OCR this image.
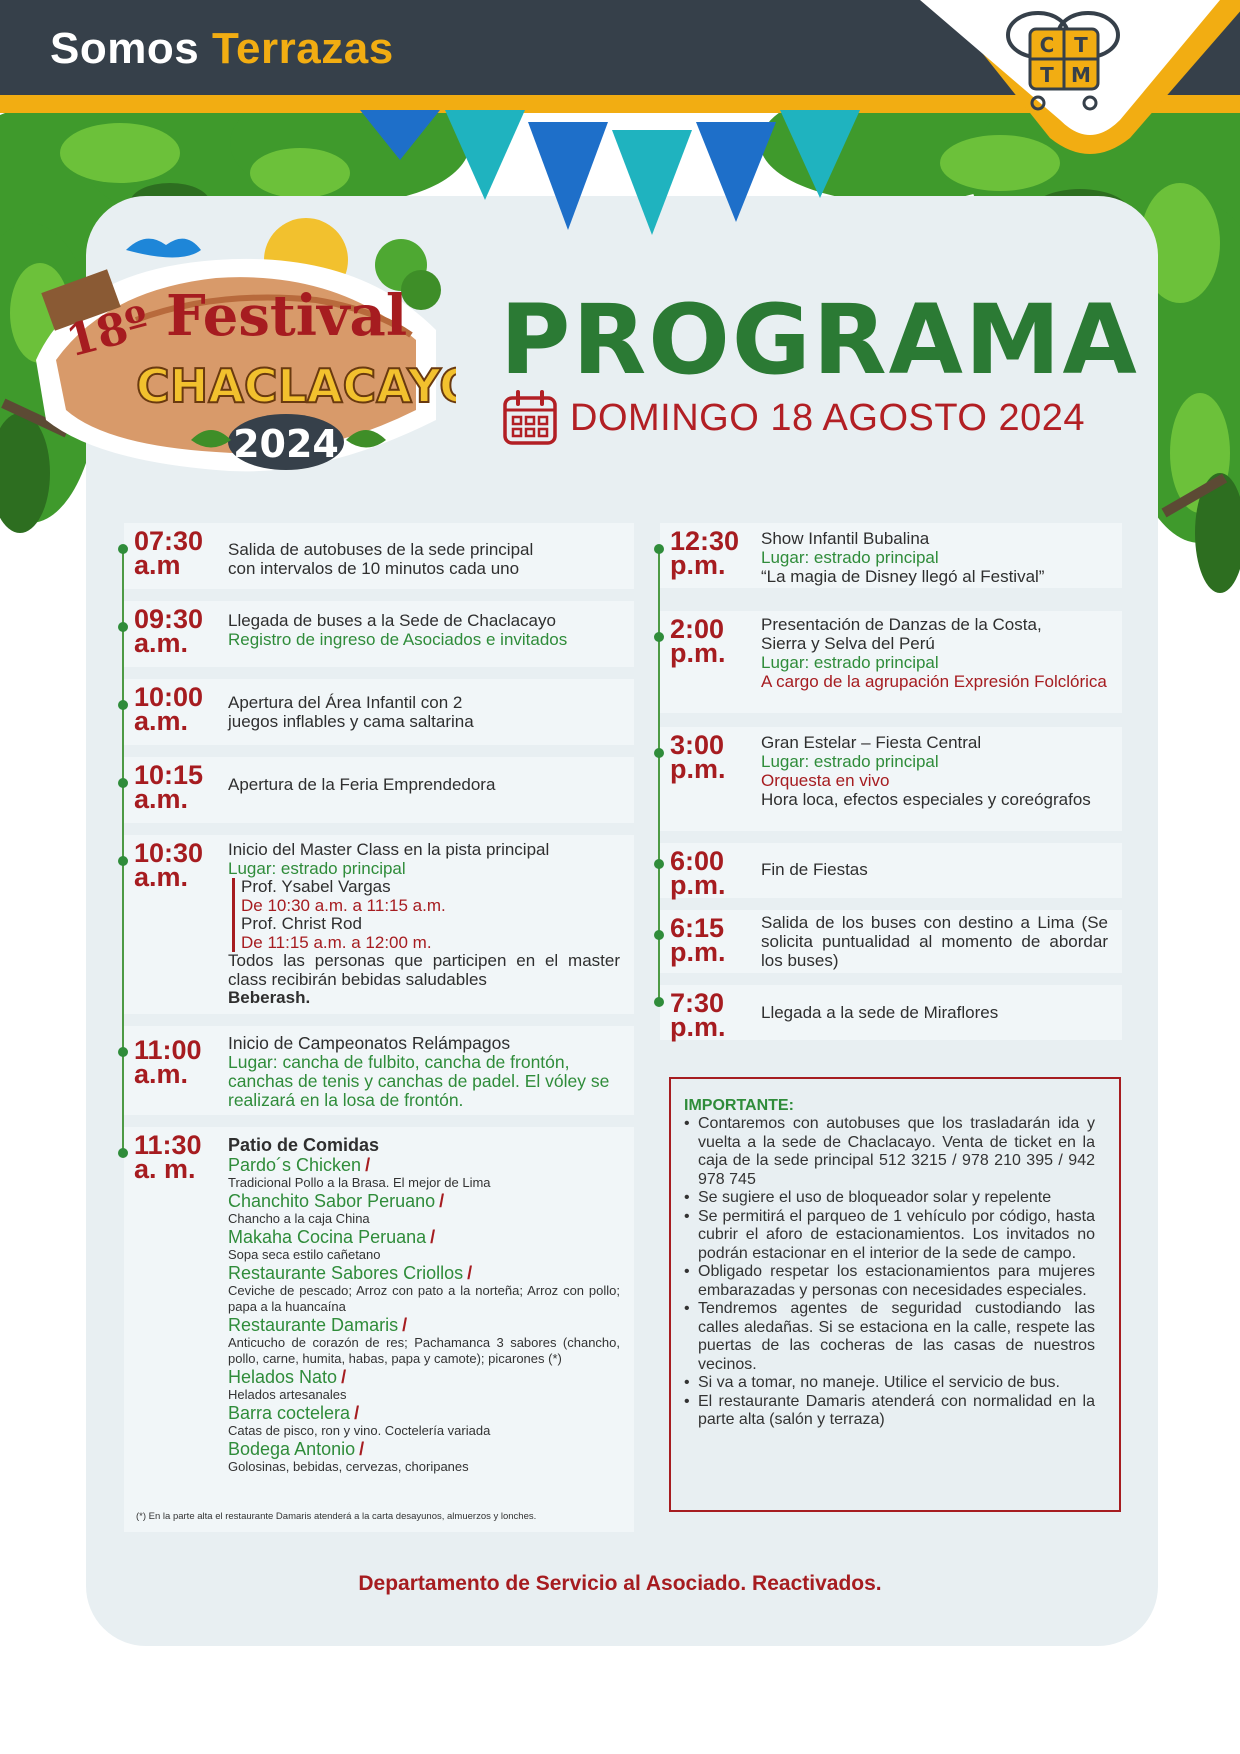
Somos Terrazas	C T
T M
18º Festival
CHACLACAYO
2024
PROGRAMA
DOMINGO 18 AGOSTO 2024
07:30
a.m
Salida de autobuses de la sede principal
con intervalos de 10 minutos cada uno
09:30
a.m.
Llegada de buses a la Sede de Chaclacayo
Registro de ingreso de Asociados e invitados
10:00
a.m.
Apertura del Área Infantil con 2
juegos inflables y cama saltarina
10:15
a.m.	Apertura de la Feria Emprendedora
10:30
a.m.
Inicio del Master Class en la pista principal
Lugar: estrado principal
Prof. Ysabel Vargas
De 10:30 a.m. a 11:15 a.m.
Prof. Christ Rod
De 11:15 a.m. a 12:00 m.
Todos las personas que participen en el master class recibirán bebidas saludables
Beberash.
11:00
a.m.
Inicio de Campeonatos Relámpagos
Lugar: cancha de fulbito, cancha de frontón, canchas de tenis y canchas de padel. El vóley se realizará en la losa de frontón.
11:30
a. m.
Patio de Comidas
Pardo´s Chicken /
Tradicional Pollo a la Brasa. El mejor de Lima
Chanchito Sabor Peruano /
Chancho a la caja China
Makaha Cocina Peruana /
Sopa seca estilo cañetano
Restaurante Sabores Criollos /
Ceviche de pescado; Arroz con pato a la norteña; Arroz con pollo; papa a la huancaína
Restaurante Damaris /
Anticucho de corazón de res; Pachamanca 3 sabores (chancho, pollo, carne, humita, habas, papa y camote); picarones (*)
Helados Nato /
Helados artesanales
Barra coctelera /
Catas de pisco, ron y vino. Coctelería variada
Bodega Antonio /
Golosinas, bebidas, cervezas, choripanes
(*) En la parte alta el restaurante Damaris atenderá a la carta desayunos, almuerzos y lonches.
12:30
p.m.
Show Infantil Bubalina
Lugar: estrado principal
“La magia de Disney llegó al Festival”
2:00
p.m.
Presentación de Danzas de la Costa,
Sierra y Selva del Perú
Lugar: estrado principal
A cargo de la agrupación Expresión Folclórica
3:00
p.m.
Gran Estelar – Fiesta Central
Lugar: estrado principal
Orquesta en vivo
Hora loca, efectos especiales y coreógrafos
6:00
p.m.
Fin de Fiestas
6:15
p.m.
Salida de los buses con destino a Lima (Se solicita puntualidad al momento de abordar los buses)
7:30
p.m.	Llegada a la sede de Miraflores
IMPORTANTE:
• Contaremos con autobuses que los trasladarán ida y vuelta a la sede de Chaclacayo. Venta de ticket en la caja de la sede principal 512 3215 / 978 210 395 / 942 978 745
• Se sugiere el uso de bloqueador solar y repelente
• Se permitirá el parqueo de 1 vehículo por código, hasta cubrir el aforo de estacionamientos. Los invitados no podrán estacionar en el interior de la sede de campo.
• Obligado respetar los estacionamientos para mujeres embarazadas y personas con necesidades especiales.
• Tendremos agentes de seguridad custodiando las calles aledañas. Si se estaciona en la calle, respete las puertas de las cocheras de las casas de nuestros vecinos.
• Si va a tomar, no maneje. Utilice el servicio de bus.
• El restaurante Damaris atenderá con normalidad en la parte alta (salón y terraza)
Departamento de Servicio al Asociado. Reactivados.
